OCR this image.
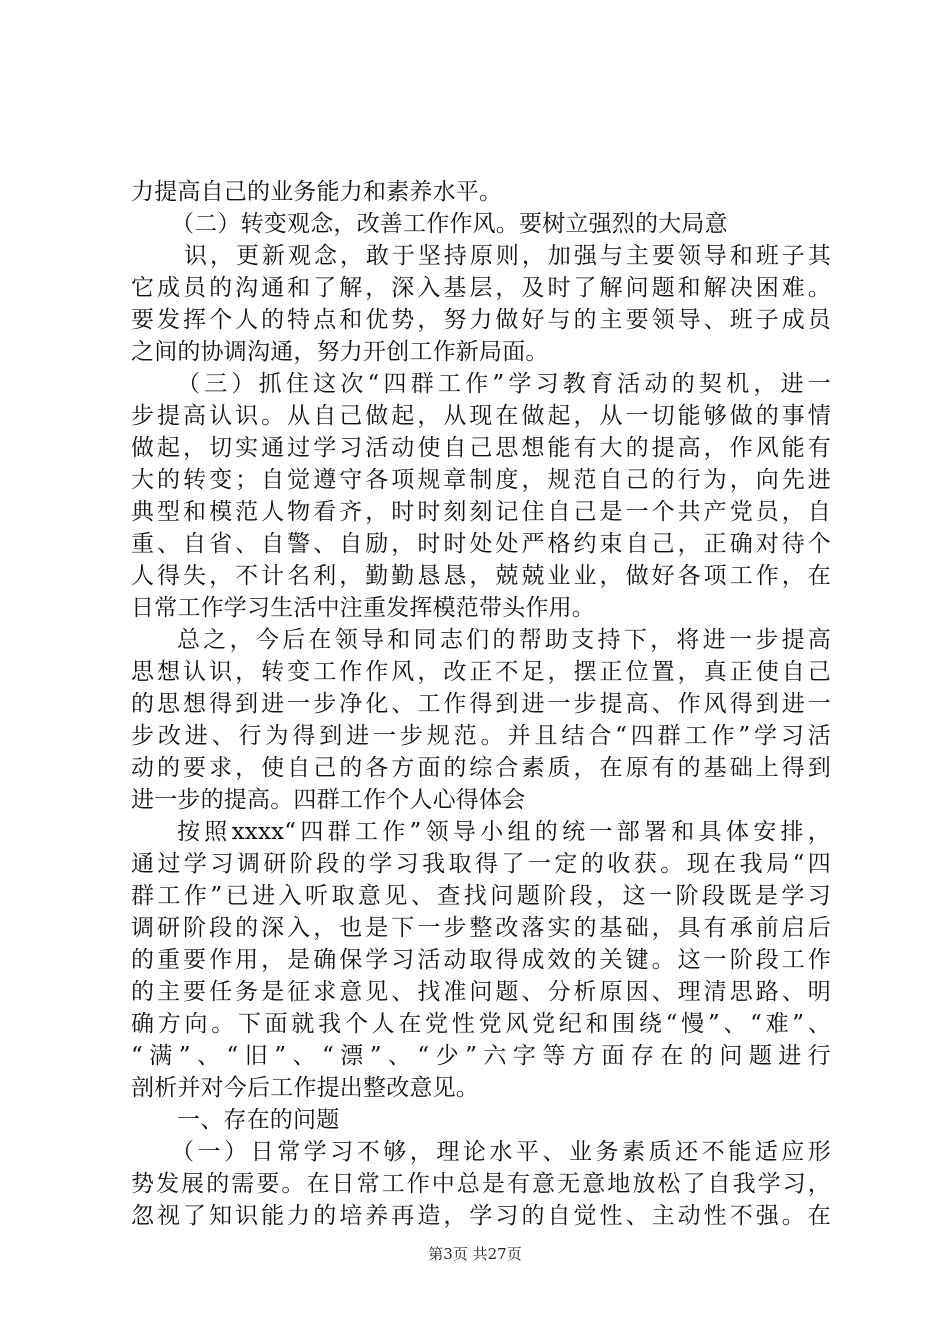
力提高自己的业务能力和素养水平。
（二）转变观念，改善工作作风。要树立强烈的大局意
识，更新观念，敢于坚持原则，加强与主要领导和班子其
它成员的沟通和了解，深入基层，及时了解问题和解决困难。
要发挥个人的特点和优势，努力做好与的主要领导、班子成员
之间的协调沟通，努力开创工作新局面。
（三）抓住这次“四群工作”学习教育活动的契机，进一
步提高认识。从自己做起，从现在做起，从一切能够做的事情
做起，切实通过学习活动使自己思想能有大的提高，作风能有
大的转变；自觉遵守各项规章制度，规范自己的行为，向先进
典型和模范人物看齐，时时刻刻记住自己是一个共产党员，自
重、自省、自警、自励，时时处处严格约束自己，正确对待个
人得失，不计名利，勤勤恳恳，兢兢业业，做好各项工作，在
日常工作学习生活中注重发挥模范带头作用。
总之，今后在领导和同志们的帮助支持下，将进一步提高
思想认识，转变工作作风，改正不足，摆正位置，真正使自己
的思想得到进一步净化、工作得到进一步提高、作风得到进一
步改进、行为得到进一步规范。并且结合“四群工作”学习活
动的要求，使自己的各方面的综合素质，在原有的基础上得到
进一步的提高。四群工作个人心得体会
按照xxxx“四群工作”领导小组的统一部署和具体安排，
通过学习调研阶段的学习我取得了一定的收获。现在我局“四
群工作”已进入听取意见、查找问题阶段，这一阶段既是学习
调研阶段的深入，也是下一步整改落实的基础，具有承前启后
的重要作用，是确保学习活动取得成效的关键。这一阶段工作
的主要任务是征求意见、找准问题、分析原因、理清思路、明
确方向。下面就我个人在党性党风党纪和围绕“慢”、“难”、
“满”、“旧”、“漂”、“少”六字等方面存在的问题进行
剖析并对今后工作提出整改意见。
一、存在的问题
（一）日常学习不够，理论水平、业务素质还不能适应形
势发展的需要。在日常工作中总是有意无意地放松了自我学习，
忽视了知识能力的培养再造，学习的自觉性、主动性不强。在
第3页 共27页
